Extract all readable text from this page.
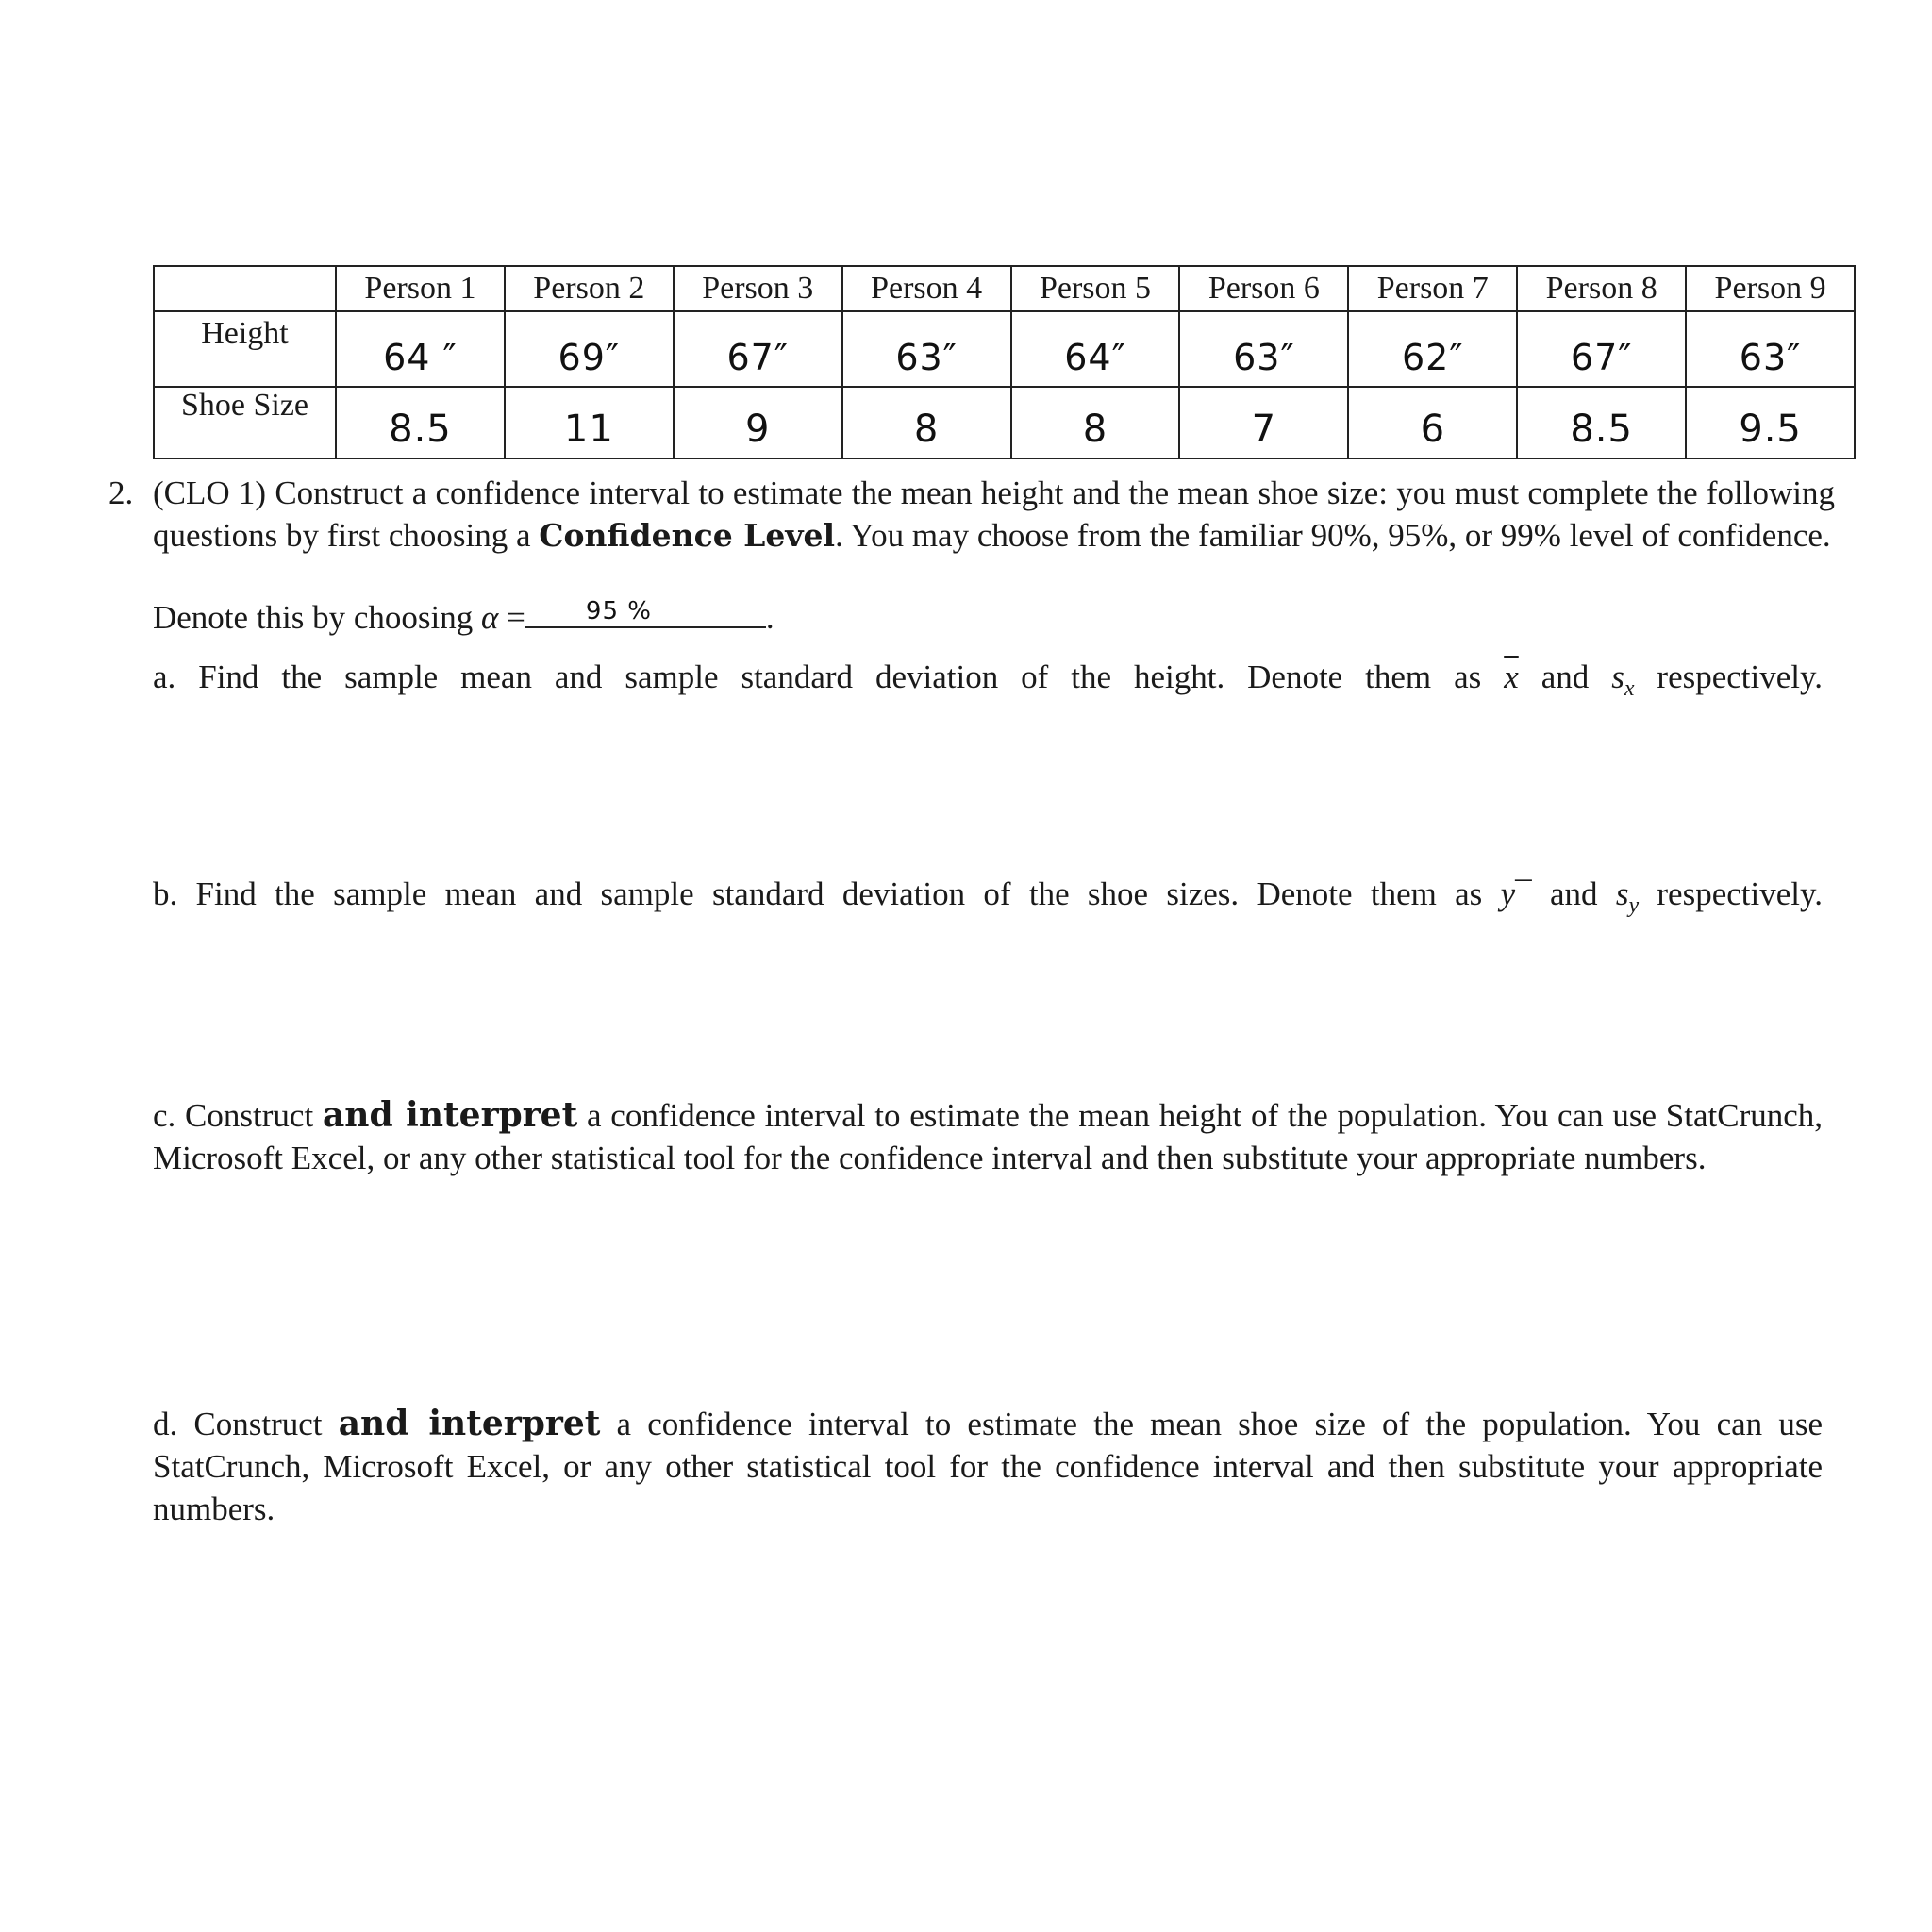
	Person 1	Person 2	Person 3	Person 4	Person 5	Person 6	Person 7	Person 8	Person 9
Height	64 ″	69″	67″	63″	64″	63″	62″	67″	63″
Shoe Size	8.5	11	9	8	8	7	6	8.5	9.5
2. (CLO 1) Construct a confidence interval to estimate the mean height and the mean shoe size: you must complete the following questions by first choosing a Confidence Level. You may choose from the familiar 90%, 95%, or 99% level of confidence.
Denote this by choosing α = 95 %	.
a. Find the sample mean and sample standard deviation of the height. Denote them as $\overline{x}$ and $s_x$ respectively.
b. Find the sample mean and sample standard deviation of the shoe sizes. Denote them as y¯ and $s_y$ respectively.
c. Construct and interpret a confidence interval to estimate the mean height of the population. You can use StatCrunch, Microsoft Excel, or any other statistical tool for the confidence interval and then substitute your appropriate numbers.
d. Construct and interpret a confidence interval to estimate the mean shoe size of the population. You can use StatCrunch, Microsoft Excel, or any other statistical tool for the confidence interval and then substitute your appropriate numbers.
